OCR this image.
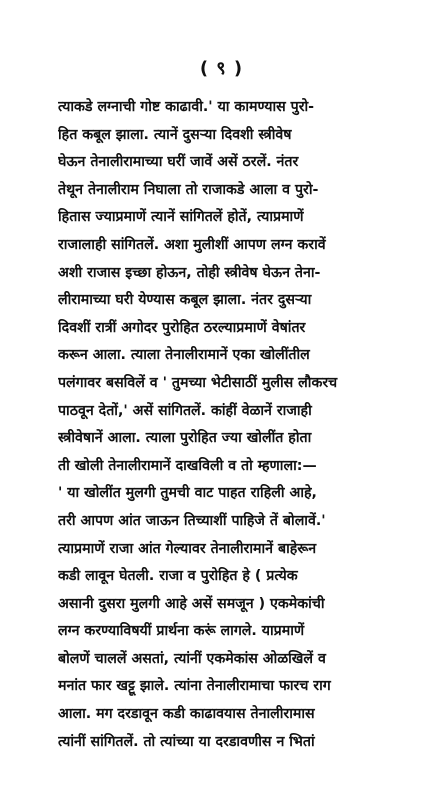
( ९ )
त्याकडे लग्नाची गोष्ट काढावी.' या कामण्यास पुरो-
हित कबूल झाला. त्यानें दुसऱ्या दिवशी स्त्रीवेष
घेऊन तेनालीरामाच्या घरीं जावें असें ठरलें. नंतर
तेथून तेनालीराम निघाला तो राजाकडे आला व पुरो-
हितास ज्याप्रमाणें त्यानें सांगितलें होतें, त्याप्रमाणें
राजालाही सांगितलें. अशा मुलीशीं आपण लग्न करावें
अशी राजास इच्छा होऊन, तोही स्त्रीवेष घेऊन तेना-
लीरामाच्या घरी येण्यास कबूल झाला. नंतर दुसऱ्या
दिवशीं रात्रीं अगोदर पुरोहित ठरल्याप्रमाणें वेषांतर
करून आला. त्याला तेनालीरामानें एका खोलींतील
पलंगावर बसविलें व ' तुमच्या भेटीसाठीं मुलीस लौकरच
पाठवून देतों,' असें सांगितलें. कांहीं वेळानें राजाही
स्त्रीवेषानें आला. त्याला पुरोहित ज्या खोलींत होता
ती खोली तेनालीरामानें दाखविली व तो म्हणाला:—
' या खोलींत मुलगी तुमची वाट पाहत राहिली आहे,
तरी आपण आंत जाऊन तिच्याशीं पाहिजे तें बोलावें.'
त्याप्रमाणें राजा आंत गेल्यावर तेनालीरामानें बाहेरून
कडी लावून घेतली. राजा व पुरोहित हे ( प्रत्येक
असानी दुसरा मुलगी आहे असें समजून ) एकमेकांची
लग्न करण्याविषयीं प्रार्थना करूं लागले. याप्रमाणें
बोलणें चाललें असतां, त्यांनीं एकमेकांस ओळखिलें व
मनांत फार खट्टू झाले. त्यांना तेनालीरामाचा फारच राग
आला. मग दरडावून कडी काढावयास तेनालीरामास
त्यांनीं सांगितलें. तो त्यांच्या या दरडावणीस न भितां
